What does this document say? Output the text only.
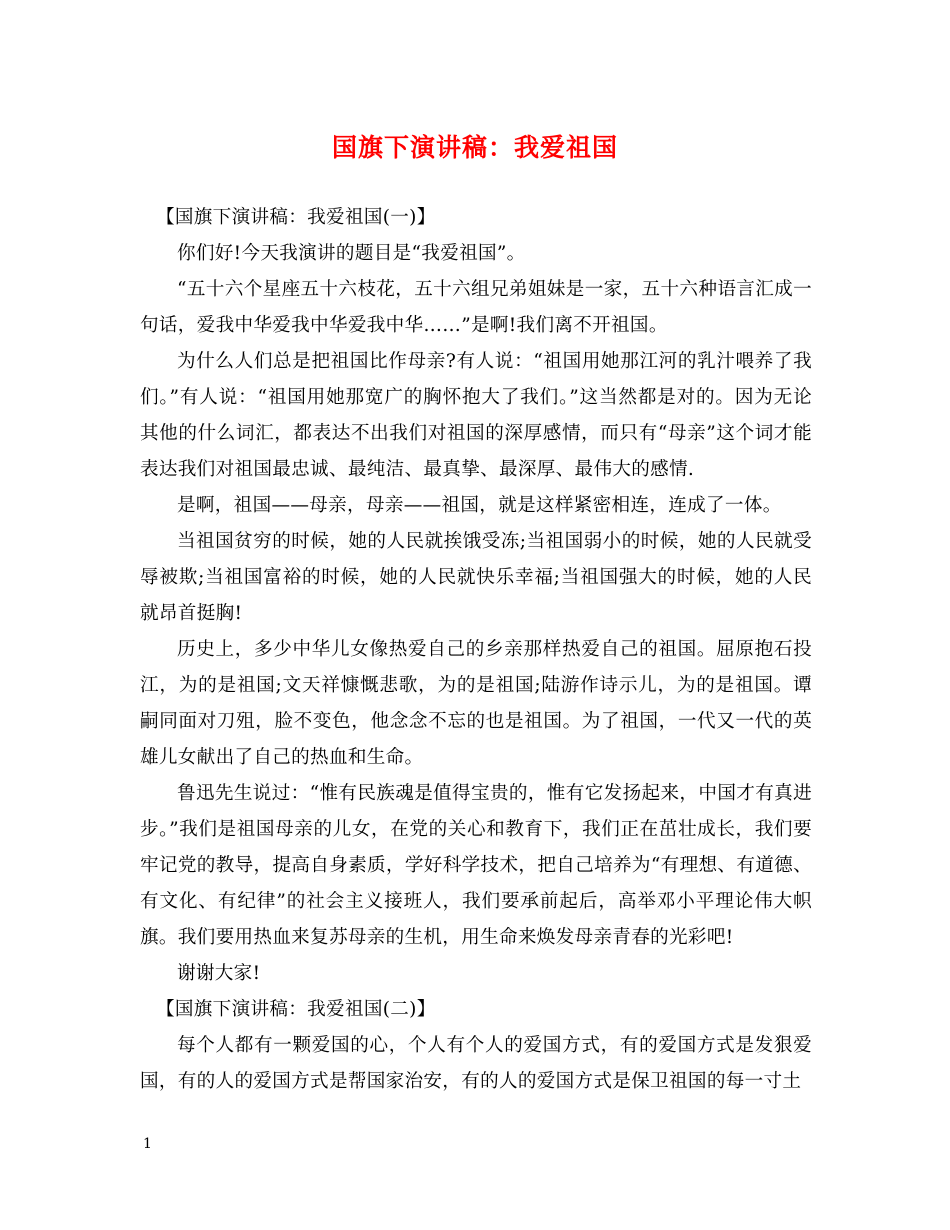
国旗下演讲稿：我爱祖国

【国旗下演讲稿：我爱祖国(一)】

你们好!今天我演讲的题目是“我爱祖国”。

“五十六个星座五十六枝花，五十六组兄弟姐妹是一家，五十六种语言汇成一句话，爱我中华爱我中华爱我中华……”是啊!我们离不开祖国。

为什么人们总是把祖国比作母亲?有人说：“祖国用她那江河的乳汁喂养了我们。”有人说：“祖国用她那宽广的胸怀抱大了我们。”这当然都是对的。因为无论其他的什么词汇，都表达不出我们对祖国的深厚感情，而只有“母亲”这个词才能表达我们对祖国最忠诚、最纯洁、最真挚、最深厚、最伟大的感情.

是啊，祖国——母亲，母亲——祖国，就是这样紧密相连，连成了一体。

当祖国贫穷的时候，她的人民就挨饿受冻;当祖国弱小的时候，她的人民就受辱被欺;当祖国富裕的时候，她的人民就快乐幸福;当祖国强大的时候，她的人民就昂首挺胸!

历史上，多少中华儿女像热爱自己的乡亲那样热爱自己的祖国。屈原抱石投江，为的是祖国;文天祥慷慨悲歌，为的是祖国;陆游作诗示儿，为的是祖国。谭嗣同面对刀殂，脸不变色，他念念不忘的也是祖国。为了祖国，一代又一代的英雄儿女献出了自己的热血和生命。

鲁迅先生说过：“惟有民族魂是值得宝贵的，惟有它发扬起来，中国才有真进步。”我们是祖国母亲的儿女，在党的关心和教育下，我们正在茁壮成长，我们要牢记党的教导，提高自身素质，学好科学技术，把自己培养为“有理想、有道德、有文化、有纪律”的社会主义接班人，我们要承前起后，高举邓小平理论伟大帜旗。我们要用热血来复苏母亲的生机，用生命来焕发母亲青春的光彩吧!

谢谢大家!

【国旗下演讲稿：我爱祖国(二)】

每个人都有一颗爱国的心，个人有个人的爱国方式，有的爱国方式是发狠爱国，有的人的爱国方式是帮国家治安，有的人的爱国方式是保卫祖国的每一寸土

1
